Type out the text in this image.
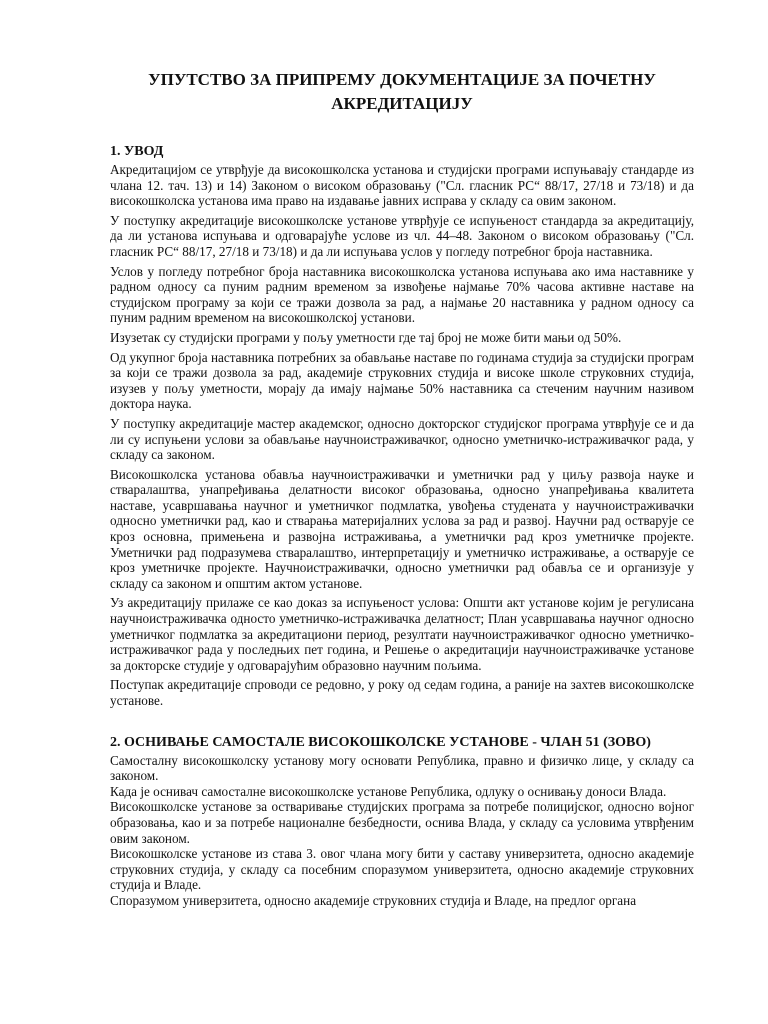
УПУТСТВО ЗА ПРИПРЕМУ ДОКУМЕНТАЦИЈЕ ЗА ПОЧЕТНУ
АКРЕДИТАЦИЈУ
1. УВОД

Акредитацијом се утврђује да високошколска установа и студијски програми испуњавају стандарде из члана 12. тач. 13) и 14) Законом о високом образовању ("Сл. гласник РС“ 88/17, 27/18 и 73/18) и да високошколска установа има право на издавање јавних исправа у складу са овим законом.

У поступку акредитације високошколске установе утврђује се испуњеност стандарда за акредитацију, да ли установа испуњава и одговарајуће услове из чл. 44–48. Законом о високом образовању ("Сл. гласник РС“ 88/17, 27/18 и 73/18) и да ли испуњава услов у погледу потребног броја наставника.

Услов у погледу потребног броја наставника високошколска установа испуњава ако има наставнике у радном односу са пуним радним временом за извођење најмање 70% часова активне наставе на студијском програму за који се тражи дозвола за рад, а најмање 20 наставника у радном односу са пуним радним временом на високошколској установи.

Изузетак су студијски програми у пољу уметности где тај број не може бити мањи од 50%.

Од укупног броја наставника потребних за обављање наставе по годинама студија за студијски програм за који се тражи дозвола за рад, академије струковних студија и високе школе струковних студија, изузев у пољу уметности, морају да имају најмање 50% наставника са стеченим научним називом доктора наука.

У поступку акредитације мастер академског, односно докторског студијског програма утврђује се и да ли су испуњени услови за обављање научноистраживачког, односно уметничко-истраживачког рада, у складу са законом.

Високошколска установа обавља научноистраживачки и уметнички рад у циљу развоја науке и стваралаштва, унапређивања делатности високог образовања, односно унапређивања квалитета наставе, усавршавања научног и уметничког подмлатка, увођења студената у научноистраживачки односно уметнички рад, као и стварања материјалних услова за рад и развој. Научни рад остварује се кроз основна, примењена и развојна истраживања, а уметнички рад кроз уметничке пројекте. Уметнички рад подразумева стваралаштво, интерпретацију и уметничко истраживање, а остварује се кроз уметничке пројекте. Научноистраживачки, односно уметнички рад обавља се и организује у складу са законом и општим актом установе.

Уз акредитацију прилаже се као доказ за испуњеност услова: Општи акт установе којим је регулисана научноистраживачка односто уметничко-истраживачка делатност; План усавршавања научног односно уметничког подмлатка за акредитациони период, резултати научноистраживачког односно уметничко-истраживачког рада у последњих пет година, и Решење о акредитацији научноистраживачке установе за докторске студије у одговарајућим образовно научним пољима.

Поступак акредитације спроводи се редовно, у року од седам година, а раније на захтев високошколске установе.

2. ОСНИВАЊЕ САМОСТАЛЕ ВИСОКОШКОЛСКЕ УСТАНОВЕ - ЧЛАН 51 (ЗОВО)

Самосталну високошколску установу могу основати Република, правно и физичко лице, у складу са законом.

Када је оснивач самосталне високошколске установе Република, одлуку о оснивању доноси Влада.

Високошколске установе за остваривање студијских програма за потребе полицијског, односно војног образовања, као и за потребе националне безбедности, оснива Влада, у складу са условима утврђеним овим законом.

Високошколске установе из става 3. овог члана могу бити у саставу универзитета, односно академије струковних студија, у складу са посебним споразумом универзитета, односно академије струковних студија и Владе.

Споразумом универзитета, односно академије струковних студија и Владе, на предлог органа
